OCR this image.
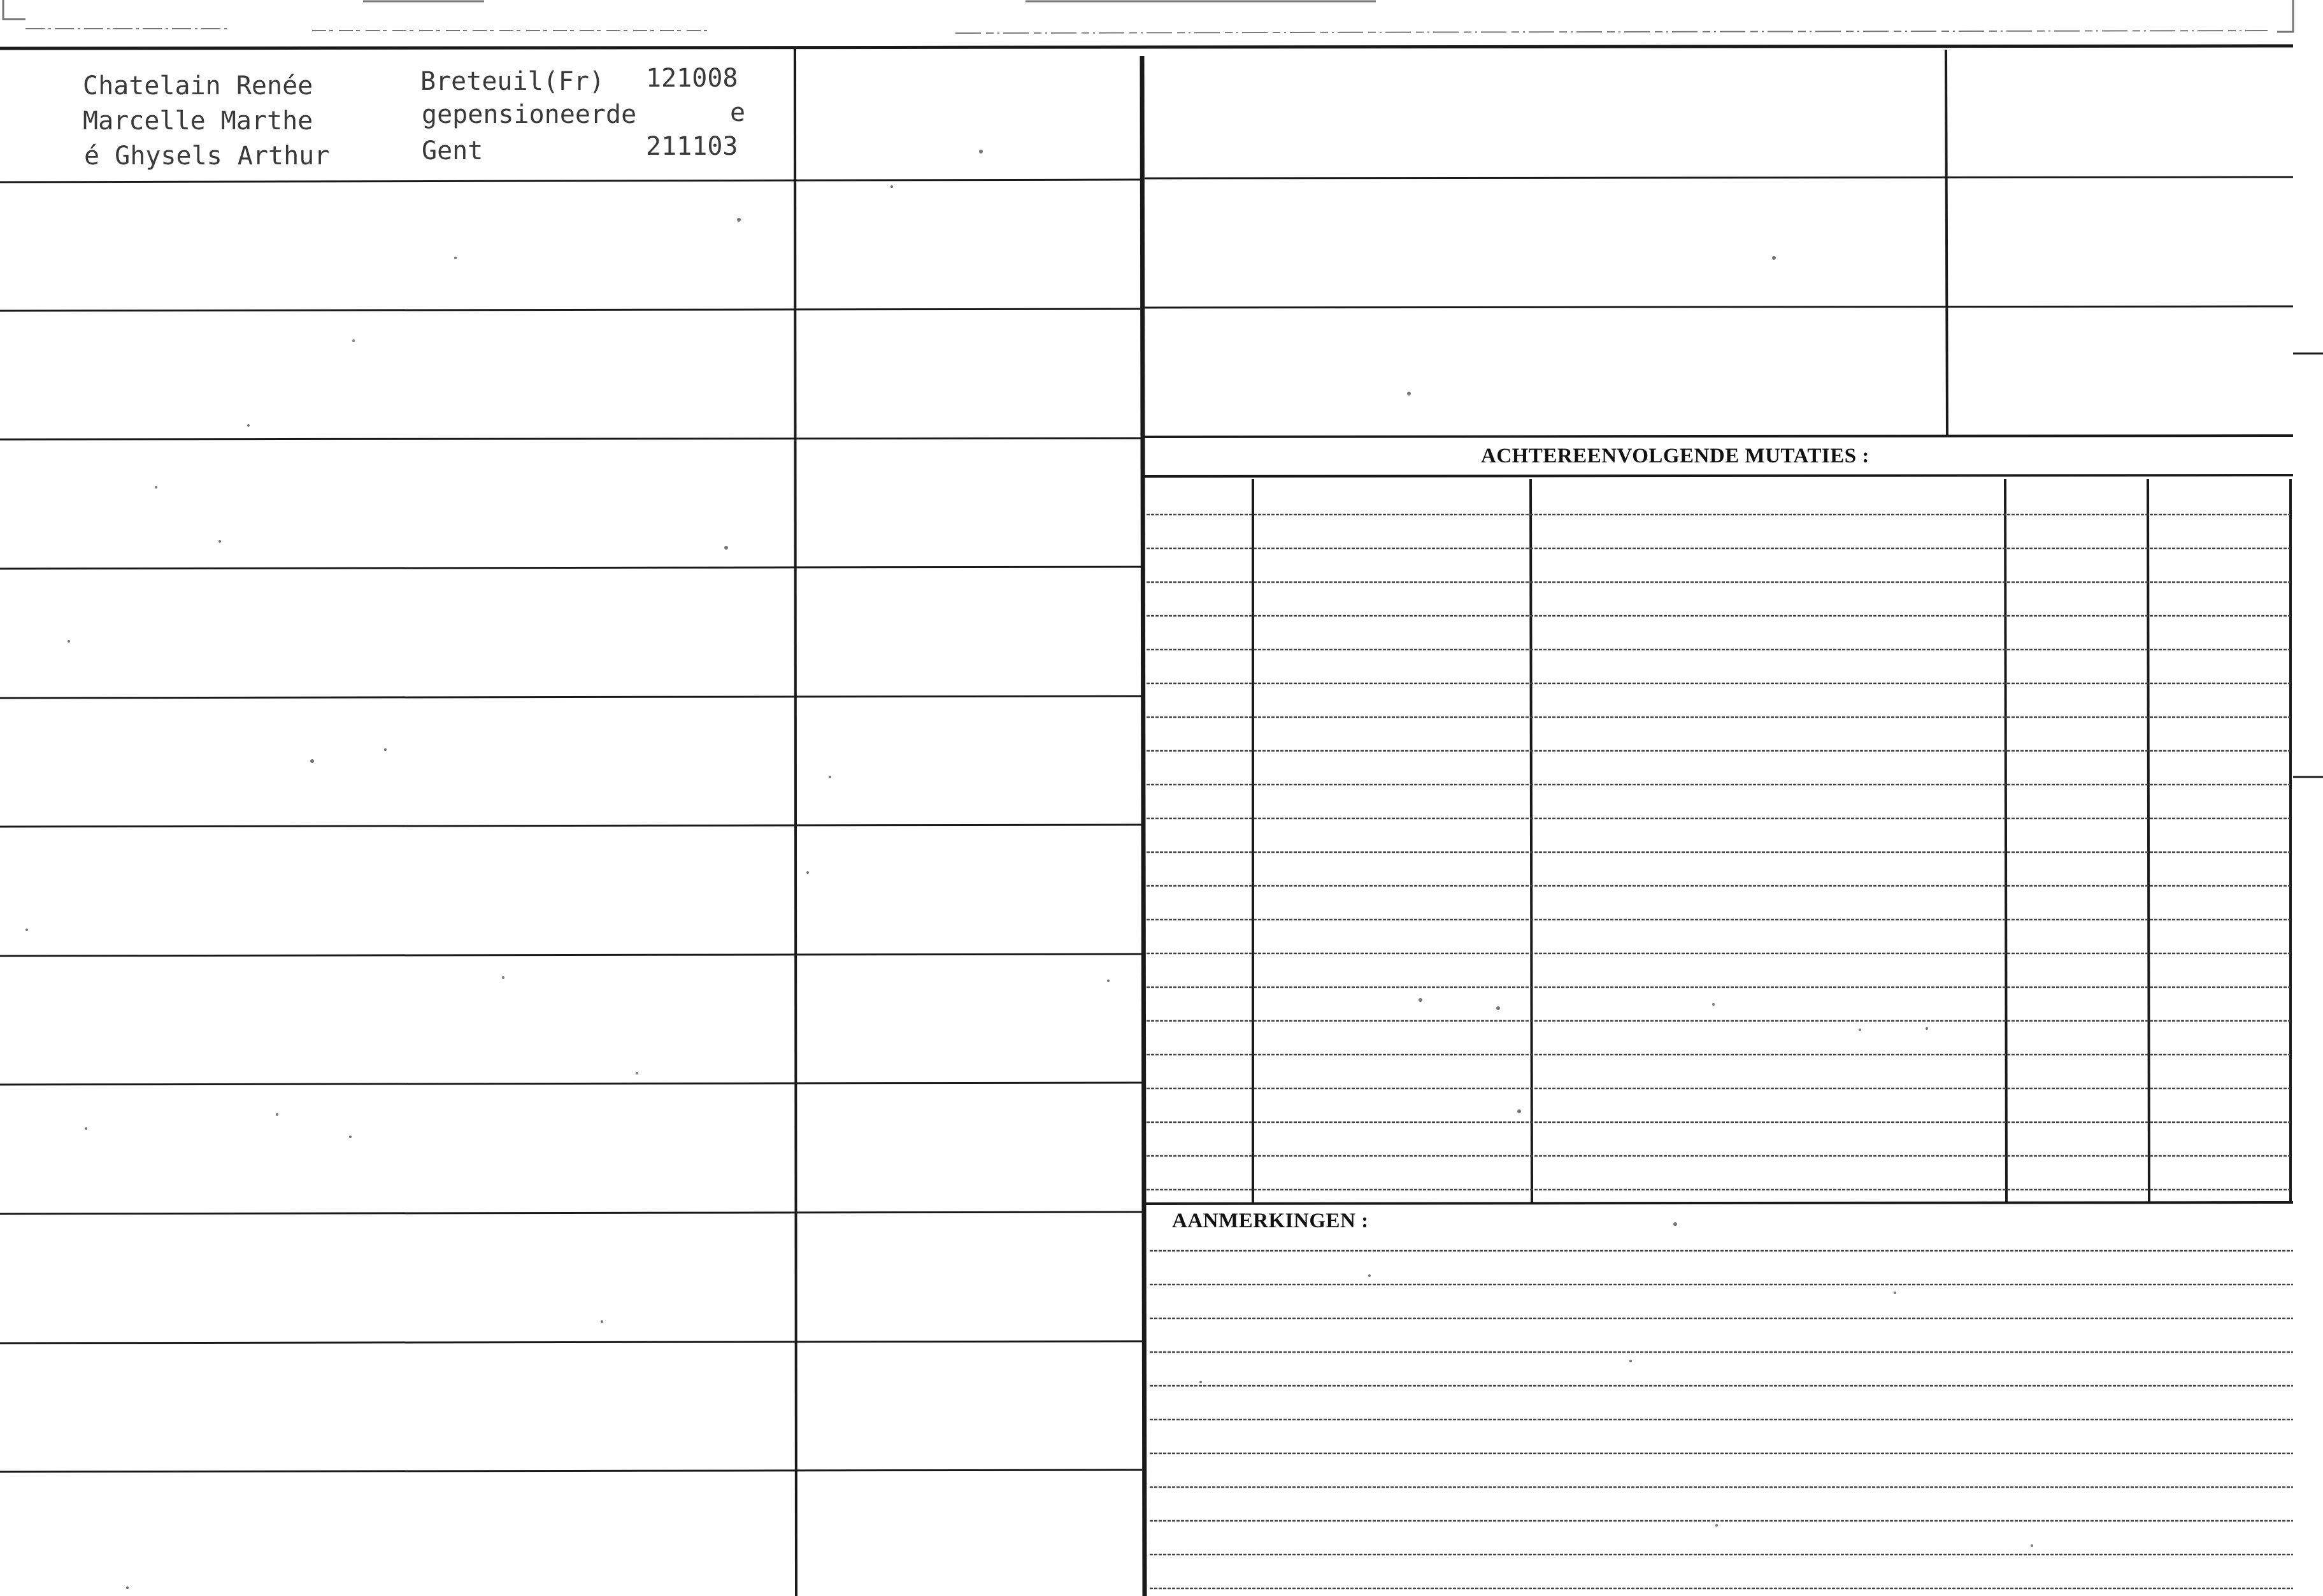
Chatelain Renée
Marcelle Marthe
é Ghysels Arthur
Breteuil(Fr) 121008
gepensioneerde	e
Gent	211103
ACHTEREENVOLGENDE MUTATIES :
AANMERKINGEN :
